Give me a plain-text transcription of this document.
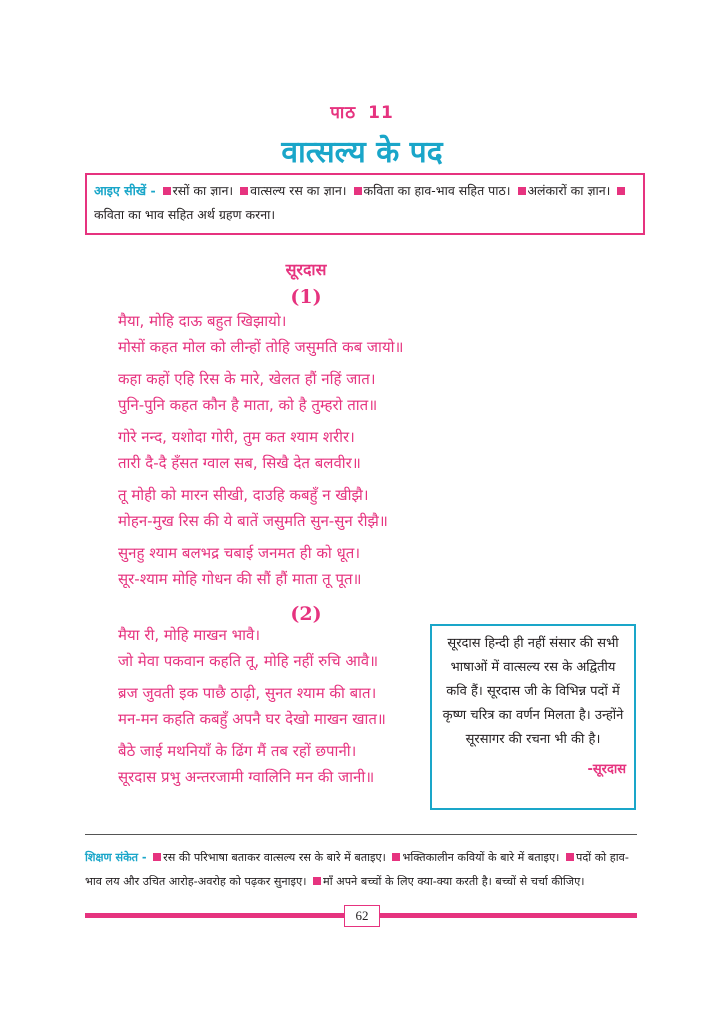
पाठ 11
वात्सल्य के पद
आइए सीखें - रसों का ज्ञान। वात्सल्य रस का ज्ञान। कविता का हाव-भाव सहित पाठ। अलंकारों का ज्ञान। कविता का भाव सहित अर्थ ग्रहण करना।
सूरदास
(1)
मैया, मोहि दाऊ बहुत खिझायो।
मोसों कहत मोल को लीन्हों तोहि जसुमति कब जायो॥
कहा कहों एहि रिस के मारे, खेलत हौं नहिं जात।
पुनि-पुनि कहत कौन है माता, को है तुम्हरो तात॥
गोरे नन्द, यशोदा गोरी, तुम कत श्याम शरीर।
तारी दै-दै हँसत ग्वाल सब, सिखै देत बलवीर॥
तू मोही को मारन सीखी, दाउहि कबहुँ न खीझै।
मोहन-मुख रिस की ये बातें जसुमति सुन-सुन रीझै॥
सुनहु श्याम बलभद्र चबाई जनमत ही को धूत।
सूर-श्याम मोहि गोधन की सौं हौं माता तू पूत॥
(2)
मैया री, मोहि माखन भावै।
जो मेवा पकवान कहति तू, मोहि नहीं रुचि आवै॥
ब्रज जुवती इक पाछै ठाढ़ी, सुनत श्याम की बात।
मन-मन कहति कबहुँ अपनै घर देखो माखन खात॥
बैठे जाई मथनियाँ के ढिंग मैं तब रहों छपानी।
सूरदास प्रभु अन्तरजामी ग्वालिनि मन की जानी॥
सूरदास हिन्दी ही नहीं संसार की सभी भाषाओं में वात्सल्य रस के अद्वितीय कवि हैं। सूरदास जी के विभिन्न पदों में कृष्ण चरित्र का वर्णन मिलता है। उन्होंने सूरसागर की रचना भी की है।
-सूरदास
शिक्षण संकेत - रस की परिभाषा बताकर वात्सल्य रस के बारे में बताइए। भक्तिकालीन कवियों के बारे में बताइए। पदों को हाव-भाव लय और उचित आरोह-अवरोह को पढ़कर सुनाइए। माँ अपने बच्चों के लिए क्या-क्या करती है। बच्चों से चर्चा कीजिए।
62
